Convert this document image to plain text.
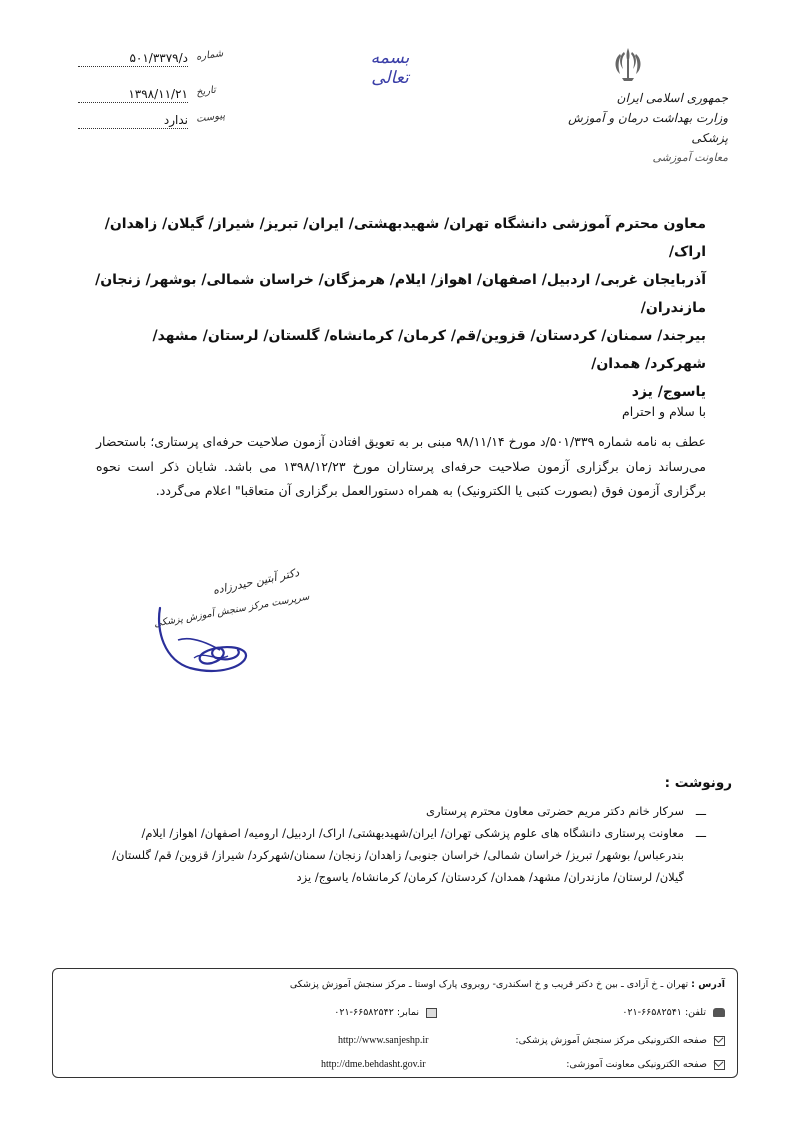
بسمه تعالی
جمهوری اسلامی ایران
وزارت بهداشت درمان و آموزش پزشکی
معاونت آموزشی
د/۵۰۱/۳۳۷۹ شماره
۱۳۹۸/۱۱/۲۱ تاریخ
ندارد پیوست
معاون محترم آموزشی دانشگاه تهران/ شهیدبهشتی/ ایران/ تبریز/ شیراز/ گیلان/ زاهدان/ اراک/
آذربایجان غربی/ اردبیل/ اصفهان/ اهواز/ ایلام/ هرمزگان/ خراسان شمالی/ بوشهر/ زنجان/ مازندران/
بیرجند/ سمنان/ کردستان/ قزوین/قم/ کرمان/ کرمانشاه/ گلستان/ لرستان/ مشهد/ شهرکرد/ همدان/
یاسوج/ یزد
با سلام و احترام
عطف به نامه شماره ۵۰۱/۳۳۹/د مورخ ۹۸/۱۱/۱۴ مبنی بر به تعویق افتادن آزمون صلاحیت حرفه‌ای پرستاری؛ باستحضار می‌رساند زمان برگزاری آزمون صلاحیت حرفه‌ای پرستاران مورخ ۱۳۹۸/۱۲/۲۳ می باشد. شایان ذکر است نحوه برگزاری آزمون فوق (بصورت کتبی یا الکترونیک) به همراه دستورالعمل برگزاری آن متعاقبا" اعلام می‌گردد.
دکتر آبتین حیدرزاده
سرپرست مرکز سنجش آموزش پزشکی
رونوشت :
ـــ
سرکار خانم دکتر مریم حضرتی معاون محترم پرستاری
ـــ
معاونت پرستاری دانشگاه های علوم پزشکی تهران/ ایران/شهیدبهشتی/ اراک/ اردبیل/ ارومیه/ اصفهان/ اهواز/ ایلام/ بندرعباس/ بوشهر/ تبریز/ خراسان شمالی/ خراسان جنوبی/ زاهدان/ زنجان/ سمنان/شهرکرد/ شیراز/ قزوین/ قم/ گلستان/ گیلان/ لرستان/ مازندران/ مشهد/ همدان/ کردستان/ کرمان/ کرمانشاه/ یاسوج/ یزد
آدرس : تهران ـ خ آزادی ـ بین خ دکتر قریب و خ اسکندری- روبروی پارک اوستا ـ مرکز سنجش آموزش پزشکی
تلفن: ۶۶۵۸۲۵۴۱-۰۲۱
نمابر: ۶۶۵۸۲۵۴۲-۰۲۱
صفحه الکترونیکی مرکز سنجش آموزش پزشکی:
http://www.sanjeshp.ir
صفحه الکترونیکی معاونت آموزشی:
http://dme.behdasht.gov.ir
